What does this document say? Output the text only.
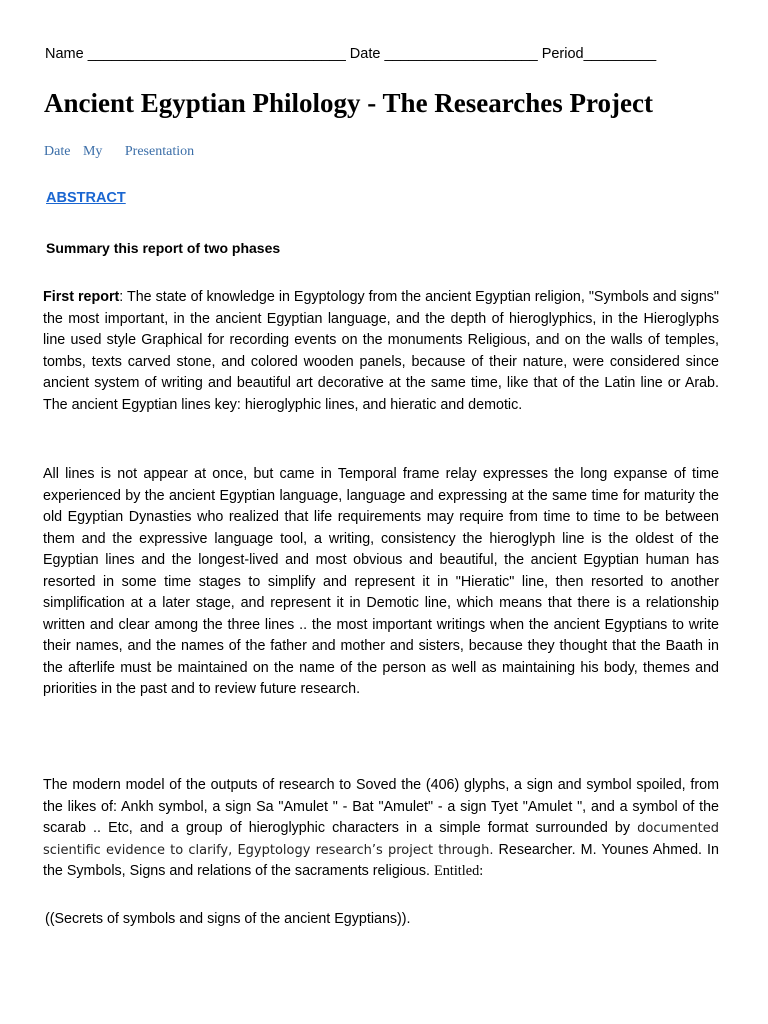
Name ________________________________ Date ___________________ Period_________
Ancient Egyptian Philology - The Researches Project
Date My Presentation
ABSTRACT
Summary this report of two phases

First report: The state of knowledge in Egyptology from the ancient Egyptian religion, "Symbols and signs" the most important, in the ancient Egyptian language, and the depth of hieroglyphics, in the Hieroglyphs line used style Graphical for recording events on the monuments Religious, and on the walls of temples, tombs, texts carved stone, and colored wooden panels, because of their nature, were considered since ancient system of writing and beautiful art decorative at the same time, like that of the Latin line or Arab. The ancient Egyptian lines key: hieroglyphic lines, and hieratic and demotic.

All lines is not appear at once, but came in Temporal frame relay expresses the long expanse of time experienced by the ancient Egyptian language, language and expressing at the same time for maturity the old Egyptian Dynasties who realized that life requirements may require from time to time to be between them and the expressive language tool, a writing, consistency the hieroglyph line is the oldest of the Egyptian lines and the longest-lived and most obvious and beautiful, the ancient Egyptian human has resorted in some time stages to simplify and represent it in "Hieratic" line, then resorted to another simplification at a later stage, and represent it in Demotic line, which means that there is a relationship written and clear among the three lines .. the most important writings when the ancient Egyptians to write their names, and the names of the father and mother and sisters, because they thought that the Baath in the afterlife must be maintained on the name of the person as well as maintaining his body, themes and priorities in the past and to review future research.

The modern model of the outputs of research to Soved the (406) glyphs, a sign and symbol spoiled, from the likes of: Ankh symbol, a sign Sa "Amulet " - Bat "Amulet" - a sign Tyet "Amulet ", and a symbol of the scarab .. Etc, and a group of hieroglyphic characters in a simple format surrounded by documented scientific evidence to clarify, Egyptology research’s project through. Researcher. M. Younes Ahmed. In the Symbols, Signs and relations of the sacraments religious. Entitled:

((Secrets of symbols and signs of the ancient Egyptians)).
